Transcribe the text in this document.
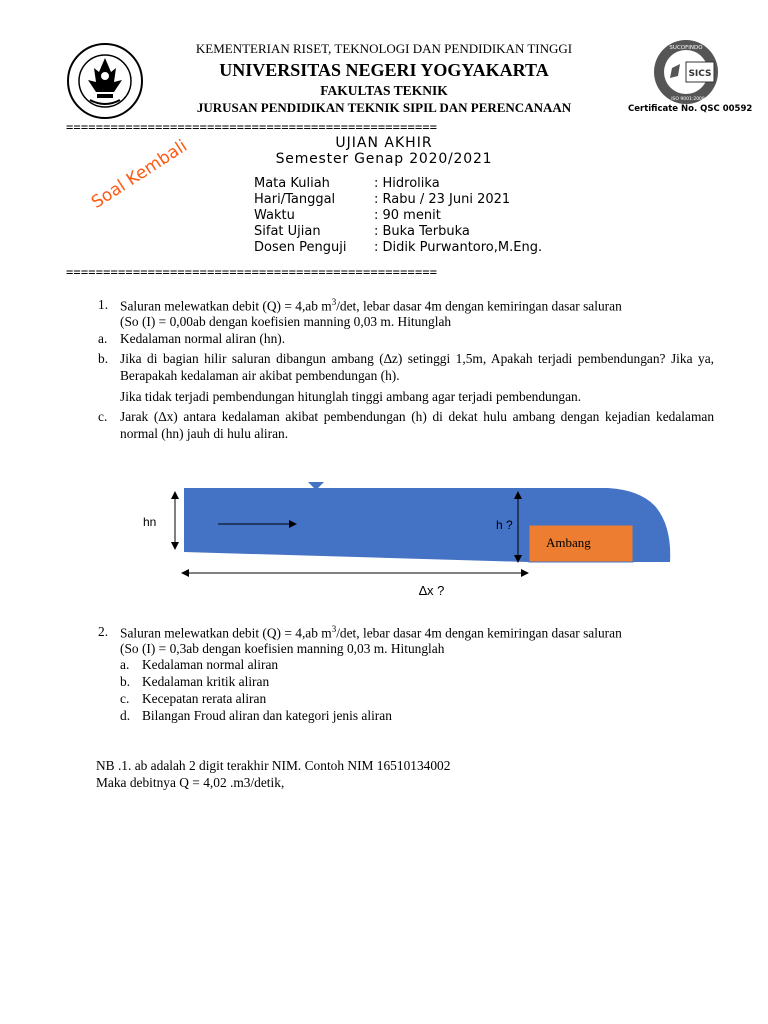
KEMENTERIAN RISET, TEKNOLOGI DAN PENDIDIKAN TINGGI
UNIVERSITAS NEGERI YOGYAKARTA
FAKULTAS TEKNIK
JURUSAN PENDIDIKAN TEKNIK SIPIL DAN PERENCANAAN
SICS
SUCOFINDO
ISO 9001:2008
Certificate No. QSC 00592
==================================================
UJIAN AKHIR
Semester Genap 2020/2021
Soal Kembali	Mata Kuliah	: Hidrolika
Hari/Tanggal	: Rabu / 23 Juni 2021
Waktu	: 90 menit
Sifat Ujian	: Buka Terbuka
Dosen Penguji : Didik Purwantoro,M.Eng.
==================================================
1. Saluran melewatkan debit (Q) = 4,ab $m^3/\det$, lebar dasar 4m dengan kemiringan dasar saluran
(So (I) = 0,00ab dengan koefisien manning 0,03 m. Hitunglah
a. Kedalaman normal aliran (hn).
b. Jika di bagian hilir saluran dibangun ambang (∆z) setinggi 1,5m, Apakah terjadi pembendungan? Jika ya, Berapakah kedalaman air akibat pembendungan (h).
Jika tidak terjadi pembendungan hitunglah tinggi ambang agar terjadi pembendungan.
c. Jarak (∆x) antara kedalaman akibat pembendungan (h) di dekat hulu ambang dengan kejadian kedalaman normal (hn) jauh di hulu aliran.
hn	h ?
Ambang
∆x ?
2. Saluran melewatkan debit (Q) = 4,ab $m^3/\det$, lebar dasar 4m dengan kemiringan dasar saluran
(So (I) = 0,3ab dengan koefisien manning 0,03 m. Hitunglah
a. Kedalaman normal aliran
b. Kedalaman kritik aliran
c. Kecepatan rerata aliran
d. Bilangan Froud aliran dan kategori jenis aliran
NB .1. ab adalah 2 digit terakhir NIM. Contoh NIM 16510134002
Maka debitnya Q = 4,02 .m3/detik,
